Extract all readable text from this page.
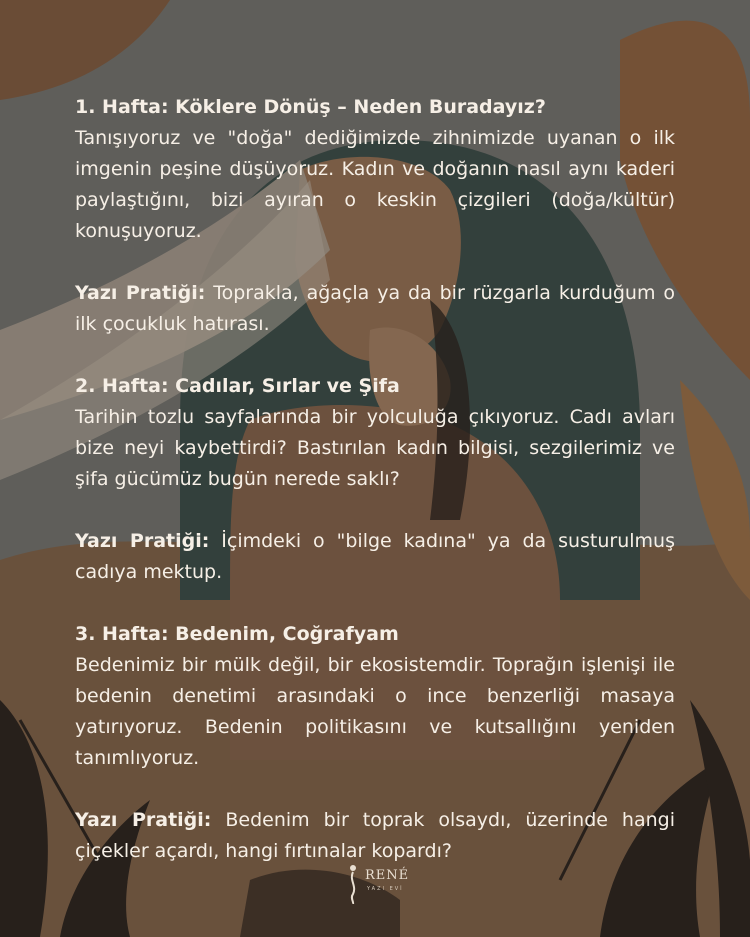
1. Hafta: Köklere Dönüş – Neden Buradayız?
Tanışıyoruz ve "doğa" dediğimizde zihnimizde uyanan o ilk imgenin peşine düşüyoruz. Kadın ve doğanın nasıl aynı kaderi paylaştığını, bizi ayıran o keskin çizgileri (doğa/kültür) konuşuyoruz.
Yazı Pratiği: Toprakla, ağaçla ya da bir rüzgarla kurduğum o ilk çocukluk hatırası.
2. Hafta: Cadılar, Sırlar ve Şifa
Tarihin tozlu sayfalarında bir yolculuğa çıkıyoruz. Cadı avları bize neyi kaybettirdi? Bastırılan kadın bilgisi, sezgilerimiz ve şifa gücümüz bugün nerede saklı?
Yazı Pratiği: İçimdeki o "bilge kadına" ya da susturulmuş cadıya mektup.
3. Hafta: Bedenim, Coğrafyam
Bedenimiz bir mülk değil, bir ekosistemdir. Toprağın işlenişi ile bedenin denetimi arasındaki o ince benzerliği masaya yatırıyoruz. Bedenin politikasını ve kutsallığını yeniden tanımlıyoruz.
Yazı Pratiği: Bedenim bir toprak olsaydı, üzerinde hangi çiçekler açardı, hangi fırtınalar kopardı?
RENÉ
YAZI EVİ
